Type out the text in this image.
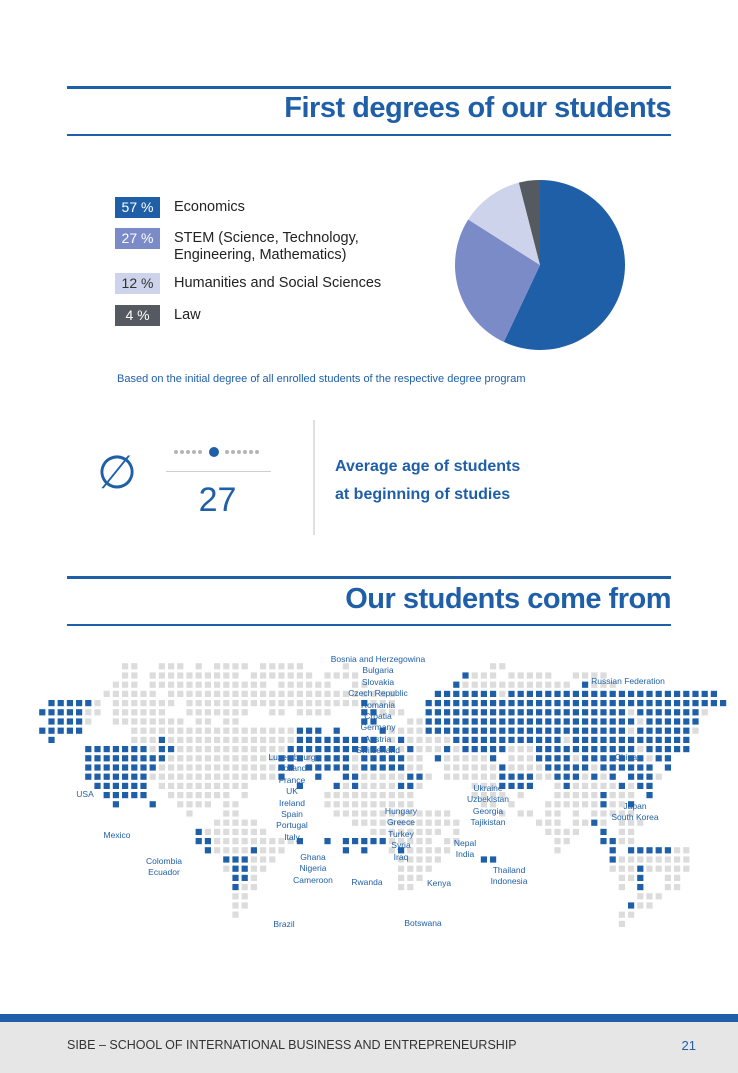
First degrees of our students
57 %	Economics
27 %	STEM (Science, Technology, Engineering, Mathematics)
12 %	Humanities and Social Sciences
4 %	Law
Based on the initial degree of all enrolled students of the respective degree program
∅
27
Average age of students
at beginning of studies
Our students come from
Bosnia and Herzegowina
Bulgaria
Slovakia
Czech Republic
Romania
Croatia
Germany
Austria
Switzerland
Luxembourg
Holland
France
UK
Ireland
Spain
Portugal
Italy
Ghana
Nigeria
Cameroon
Russian Federation
China
USA
Mexico
Colombia
Ecuador
Ukraine
Uzbekistan
Georgia
Tajikistan
Japan
South Korea
Hungary
Greece
Turkey
Syria
Iraq
Nepal
India
Thailand
Indonesia
Rwanda	Kenya
Brazil	Botswana
SIBE – SCHOOL OF INTERNATIONAL BUSINESS AND ENTREPRENEURSHIP	21
